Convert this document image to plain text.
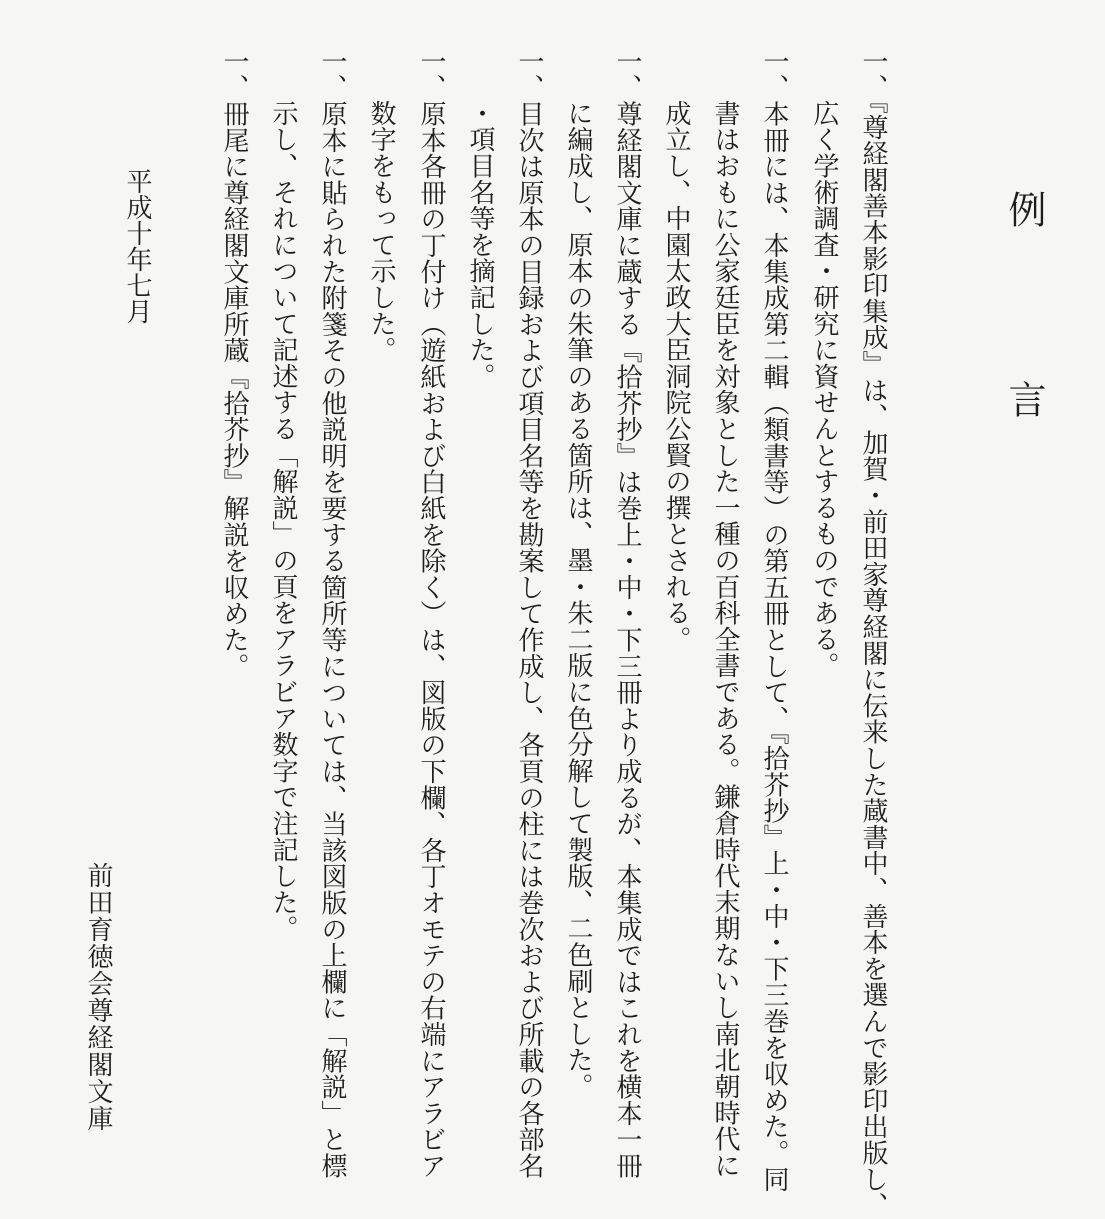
例言
一、『尊経閣善本影印集成』は、加賀・前田家尊経閣に伝来した蔵書中、善本を選んで影印出版し、
広く学術調査・研究に資せんとするものである。
一、本冊には、本集成第二輯（類書等）の第五冊として、『拾芥抄』上・中・下三巻を収めた。同
書はおもに公家廷臣を対象とした一種の百科全書である。鎌倉時代末期ないし南北朝時代に
成立し、中園太政大臣洞院公賢の撰とされる。
一、尊経閣文庫に蔵する『拾芥抄』は巻上・中・下三冊より成るが、本集成ではこれを横本一冊
に編成し、原本の朱筆のある箇所は、墨・朱二版に色分解して製版、二色刷とした。
一、目次は原本の目録および項目名等を勘案して作成し、各頁の柱には巻次および所載の各部名
・項目名等を摘記した。
一、原本各冊の丁付け（遊紙および白紙を除く）は、図版の下欄、各丁オモテの右端にアラビア
数字をもって示した。
一、原本に貼られた附箋その他説明を要する箇所等については、当該図版の上欄に「解説」と標
示し、それについて記述する「解説」の頁をアラビア数字で注記した。
一、冊尾に尊経閣文庫所蔵『拾芥抄』解説を収めた。
平成十年七月
前田育徳会尊経閣文庫
